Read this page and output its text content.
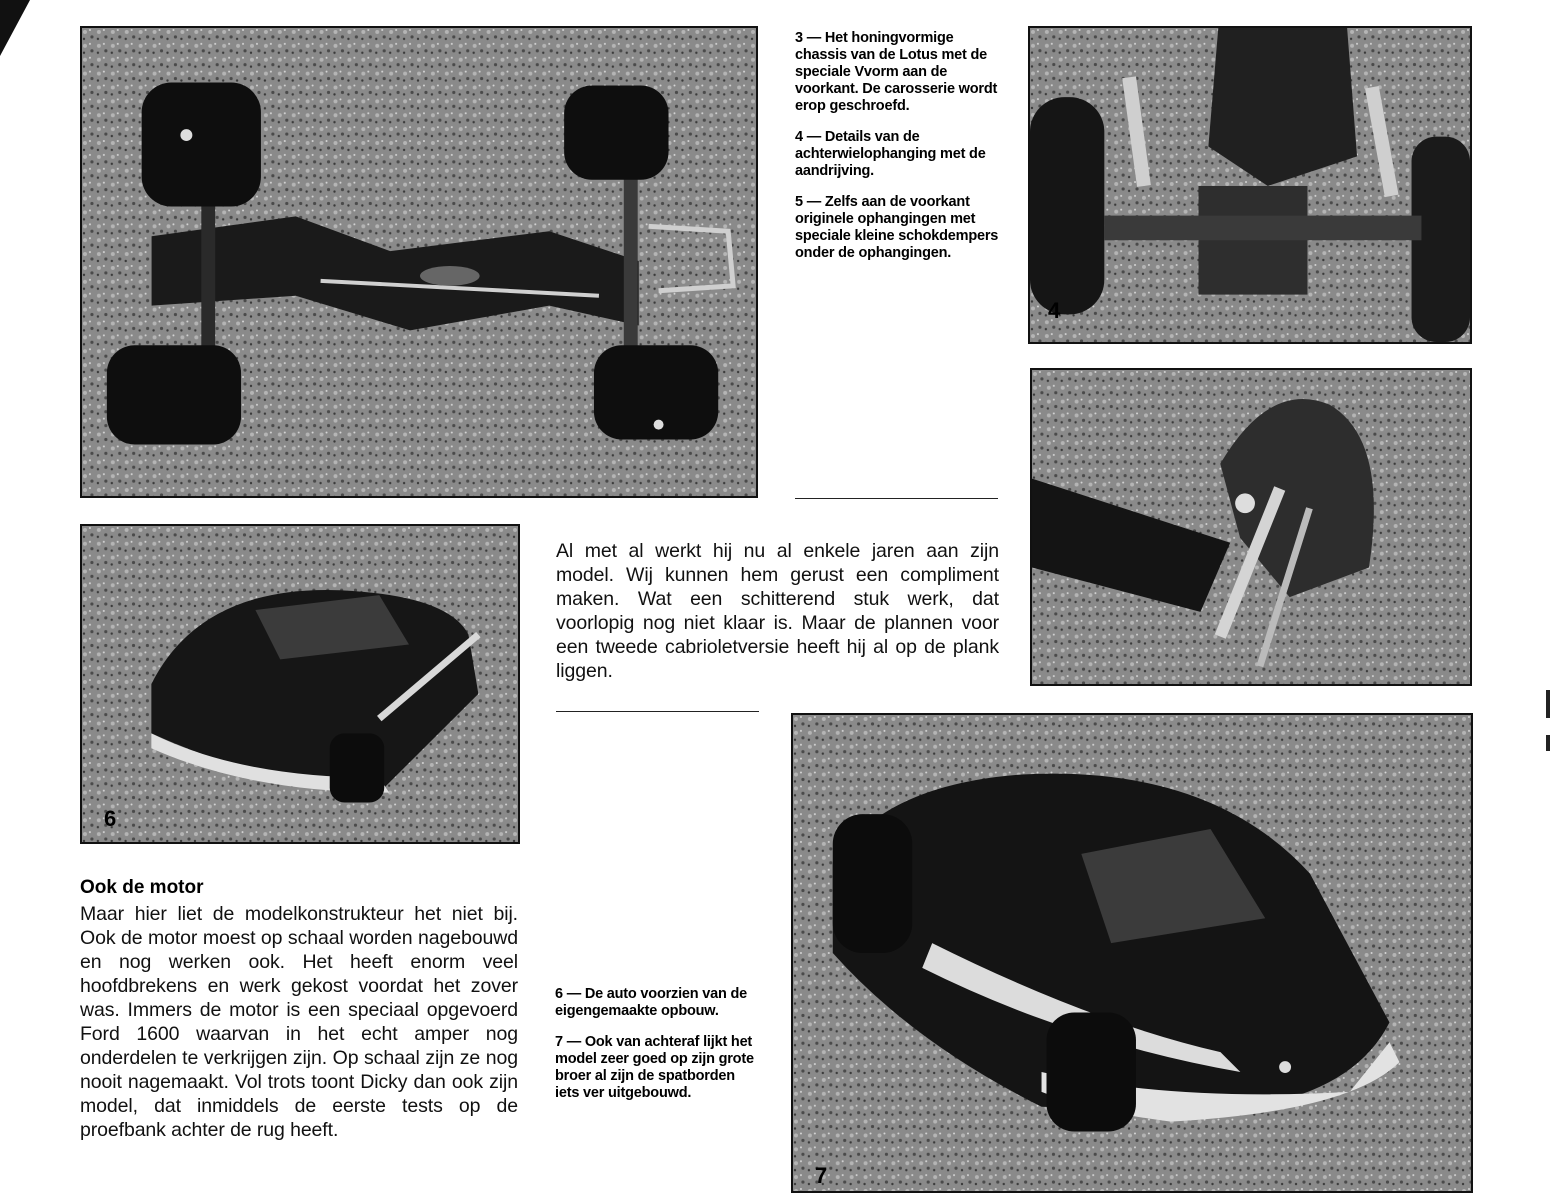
3 — Het honingvormige chassis van de Lotus met de speciale Vvorm aan de voorkant. De carosserie wordt erop geschroefd.

4 — Details van de achterwielophanging met de aandrijving.

5 — Zelfs aan de voorkant originele ophangingen met speciale kleine schokdempers onder de ophangingen.

4
6
Al met al werkt hij nu al enkele jaren aan zijn model. Wij kunnen hem gerust een compliment maken. Wat een schitterend stuk werk, dat voorlopig nog niet klaar is. Maar de plannen voor een tweede cabrioletversie heeft hij al op de plank liggen.
7
Ook de motor
Maar hier liet de modelkonstrukteur het niet bij. Ook de motor moest op schaal worden nagebouwd en nog werken ook. Het heeft enorm veel hoofdbrekens en werk gekost voordat het zover was. Immers de motor is een speciaal opgevoerd Ford 1600 waarvan in het echt amper nog onderdelen te verkrijgen zijn. Op schaal zijn ze nog nooit nagemaakt. Vol trots toont Dicky dan ook zijn model, dat inmiddels de eerste tests op de proefbank achter de rug heeft.

6 — De auto voorzien van de eigengemaakte opbouw.

7 — Ook van achteraf lijkt het model zeer goed op zijn grote broer al zijn de spatborden iets ver uitgebouwd.
